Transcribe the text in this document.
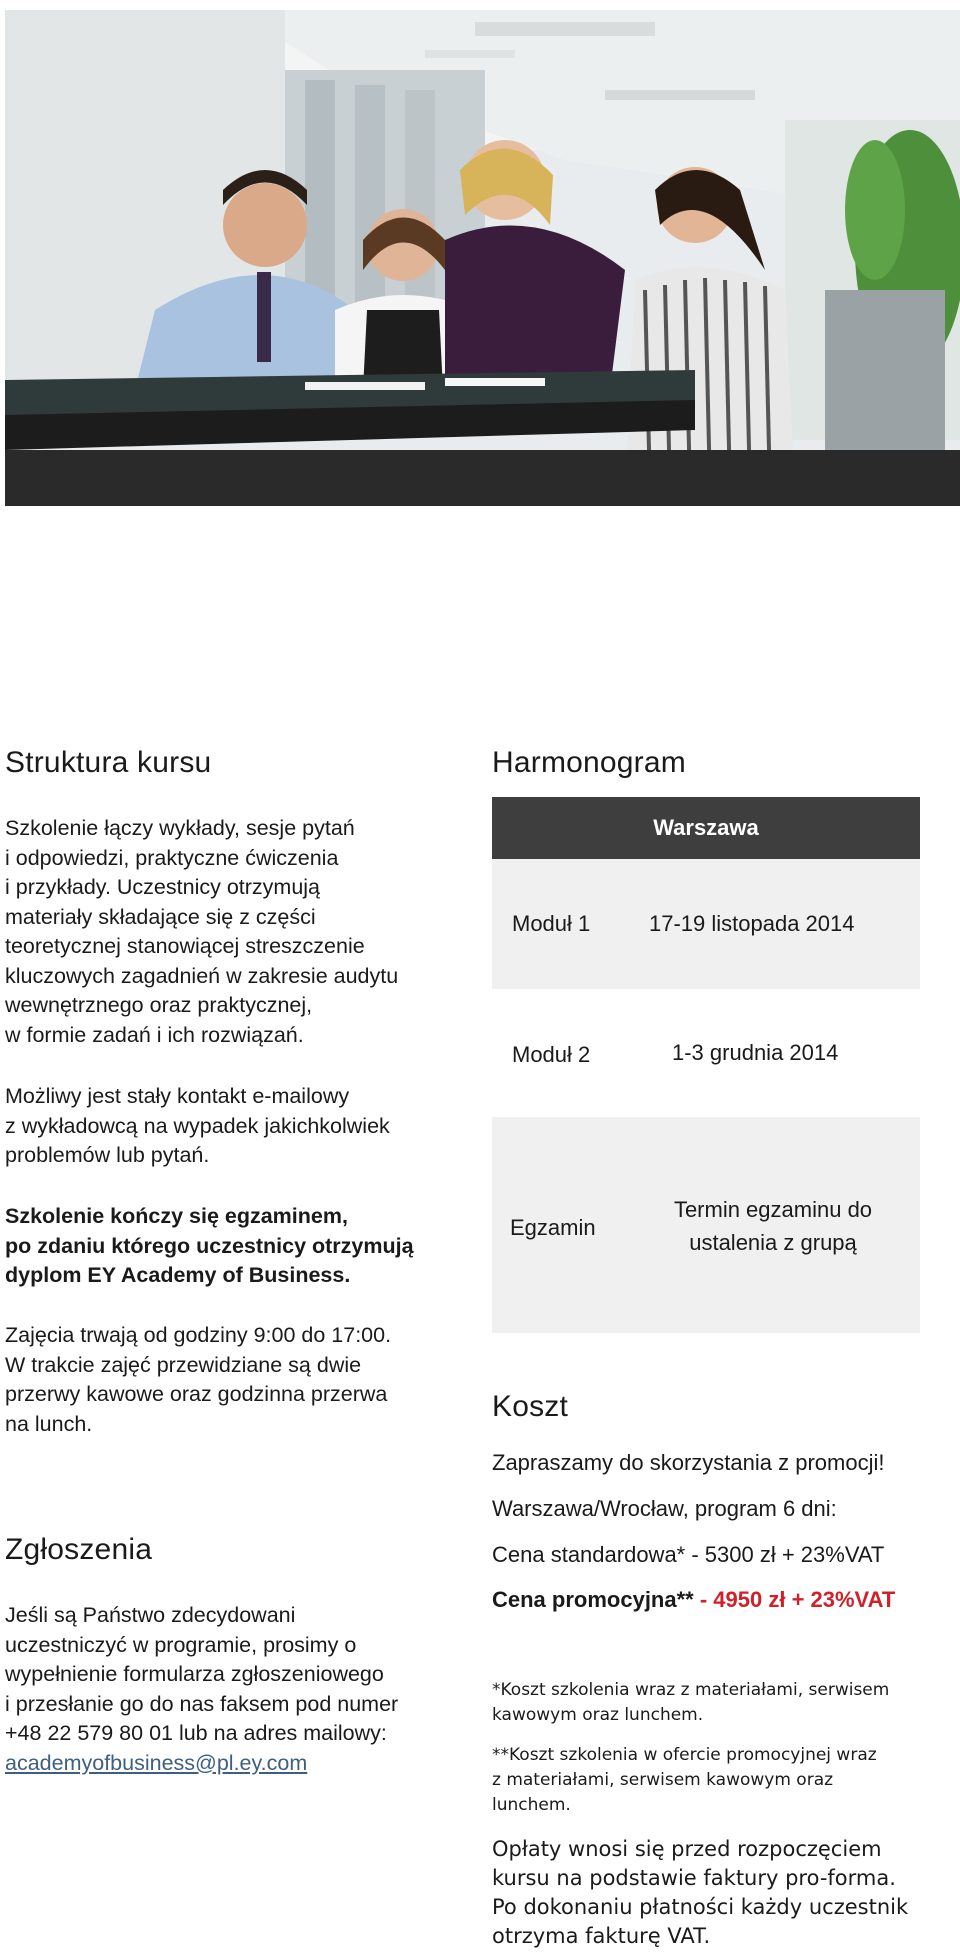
Struktura kursu

Szkolenie łączy wykłady, sesje pytań

i odpowiedzi, praktyczne ćwiczenia

i przykłady. Uczestnicy otrzymują

materiały składające się z części

teoretycznej stanowiącej streszczenie

kluczowych zagadnień w zakresie audytu

wewnętrznego oraz praktycznej,

w formie zadań i ich rozwiązań.

Możliwy jest stały kontakt e-mailowy

z wykładowcą na wypadek jakichkolwiek

problemów lub pytań.

Szkolenie kończy się egzaminem,

po zdaniu którego uczestnicy otrzymują

dyplom EY Academy of Business.

Zajęcia trwają od godziny 9:00 do 17:00.

W trakcie zajęć przewidziane są dwie

przerwy kawowe oraz godzinna przerwa

na lunch.

Zgłoszenia

Jeśli są Państwo zdecydowani

uczestniczyć w programie, prosimy o

wypełnienie formularza zgłoszeniowego

i przesłanie go do nas faksem pod numer

+48 22 579 80 01 lub na adres mailowy:

academyofbusiness@pl.ey.com

Harmonogram
Warszawa
Moduł 1	17-19 listopada 2014
Moduł 2	1-3 grudnia 2014
Egzamin
Termin egzaminu do
ustalenia z grupą
Koszt
Zapraszamy do skorzystania z promocji!
Warszawa/Wrocław, program 6 dni:
Cena standardowa* - 5300 zł + 23%VAT
Cena promocyjna** - 4950 zł + 23%VAT
*Koszt szkolenia wraz z materiałami, serwisem
kawowym oraz lunchem.
**Koszt szkolenia w ofercie promocyjnej wraz
z materiałami, serwisem kawowym oraz
lunchem.
Opłaty wnosi się przed rozpoczęciem
kursu na podstawie faktury pro-forma.
Po dokonaniu płatności każdy uczestnik
otrzyma fakturę VAT.
